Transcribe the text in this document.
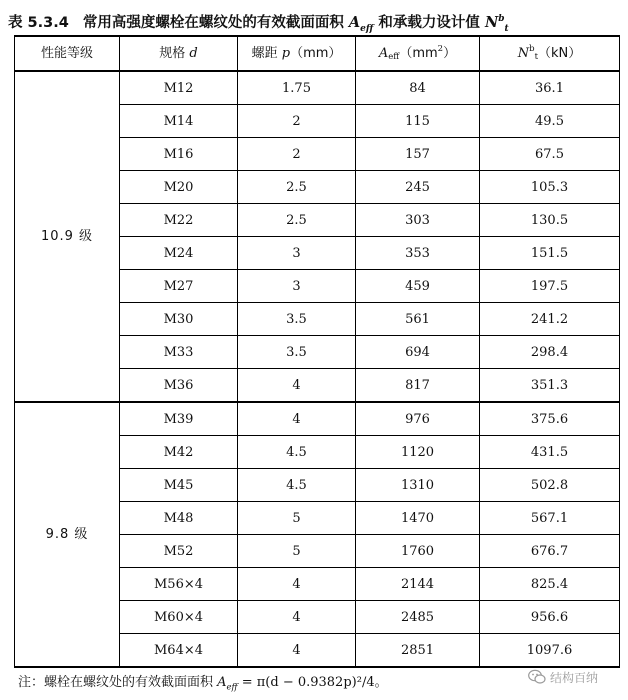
表 5.3.4 常用高强度螺栓在螺纹处的有效截面面积 $A_{eff}$ 和承载力设计值 $N^b_t$
性能等级	规格 d	螺距 p（mm）	$Aeff(mm^2)$	$N^bt(kN)$
10.9 级	M12	1.75	84	36.1
	M14	2	115	49.5
	M16	2	157	67.5
	M20	2.5	245	105.3
	M22	2.5	303	130.5
	M24	3	353	151.5
	M27	3	459	197.5
	M30	3.5	561	241.2
	M33	3.5	694	298.4
	M36	4	817	351.3
9.8 级	M39	4	976	375.6
	M42	4.5	1120	431.5
	M45	4.5	1310	502.8
	M48	5	1470	567.1
	M52	5	1760	676.7
	M56×4	4	2144	825.4
	M60×4	4	2485	956.6
	M64×4	4	2851	1097.6
注：螺栓在螺纹处的有效截面面积 $A_{eff} = \pi(d - 0.9382p)^2/4$。	结构百纳
